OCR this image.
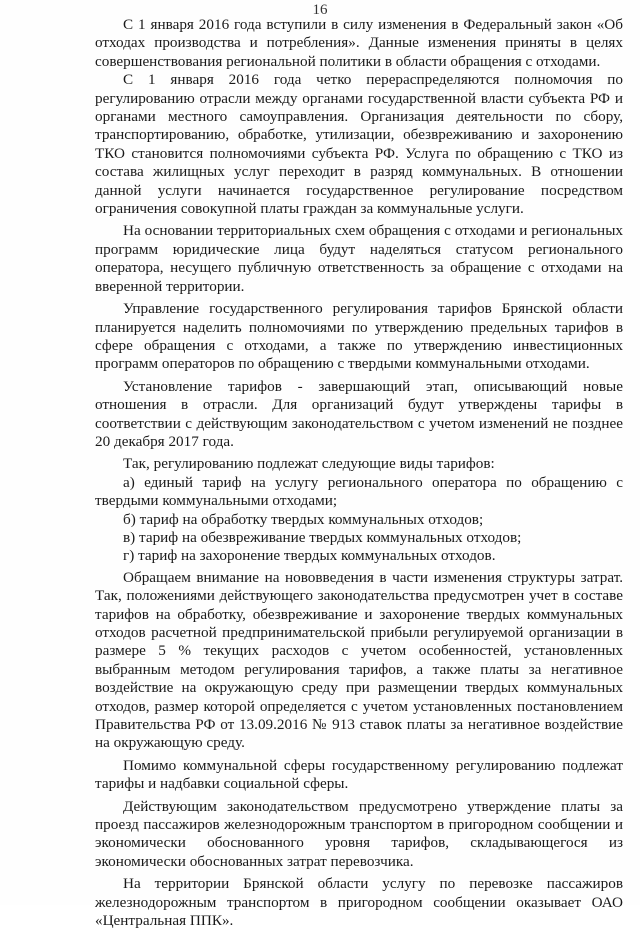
16

С 1 января 2016 года вступили в силу изменения в Федеральный закон «Об отходах производства и потребления». Данные изменения приняты в целях совершенствования региональной политики в области обращения с отходами.

С 1 января 2016 года четко перераспределяются полномочия по регулированию отрасли между органами государственной власти субъекта РФ и органами местного самоуправления. Организация деятельности по сбору, транспортированию, обработке, утилизации, обезвреживанию и захоронению ТКО становится полномочиями субъекта РФ. Услуга по обращению с ТКО из состава жилищных услуг переходит в разряд коммунальных. В отношении данной услуги начинается государственное регулирование посредством ограничения совокупной платы граждан за коммунальные услуги.

На основании территориальных схем обращения с отходами и региональных программ юридические лица будут наделяться статусом регионального оператора, несущего публичную ответственность за обращение с отходами на вверенной территории.

Управление государственного регулирования тарифов Брянской области планируется наделить полномочиями по утверждению предельных тарифов в сфере обращения с отходами, а также по утверждению инвестиционных программ операторов по обращению с твердыми коммунальными отходами.

Установление тарифов - завершающий этап, описывающий новые отношения в отрасли. Для организаций будут утверждены тарифы в соответствии с действующим законодательством с учетом изменений не позднее 20 декабря 2017 года.

Так, регулированию подлежат следующие виды тарифов:

а) единый тариф на услугу регионального оператора по обращению с твердыми коммунальными отходами;

б) тариф на обработку твердых коммунальных отходов;

в) тариф на обезвреживание твердых коммунальных отходов;

г) тариф на захоронение твердых коммунальных отходов.

Обращаем внимание на нововведения в части изменения структуры затрат. Так, положениями действующего законодательства предусмотрен учет в составе тарифов на обработку, обезвреживание и захоронение твердых коммунальных отходов расчетной предпринимательской прибыли регулируемой организации в размере 5 % текущих расходов с учетом особенностей, установленных выбранным методом регулирования тарифов, а также платы за негативное воздействие на окружающую среду при размещении твердых коммунальных отходов, размер которой определяется с учетом установленных постановлением Правительства РФ от 13.09.2016 № 913 ставок платы за негативное воздействие на окружающую среду.

Помимо коммунальной сферы государственному регулированию подлежат тарифы и надбавки социальной сферы.

Действующим законодательством предусмотрено утверждение платы за проезд пассажиров железнодорожным транспортом в пригородном сообщении и экономически обоснованного уровня тарифов, складывающегося из экономически обоснованных затрат перевозчика.

На территории Брянской области услугу по перевозке пассажиров железнодорожным транспортом в пригородном сообщении оказывает ОАО «Центральная ППК».
